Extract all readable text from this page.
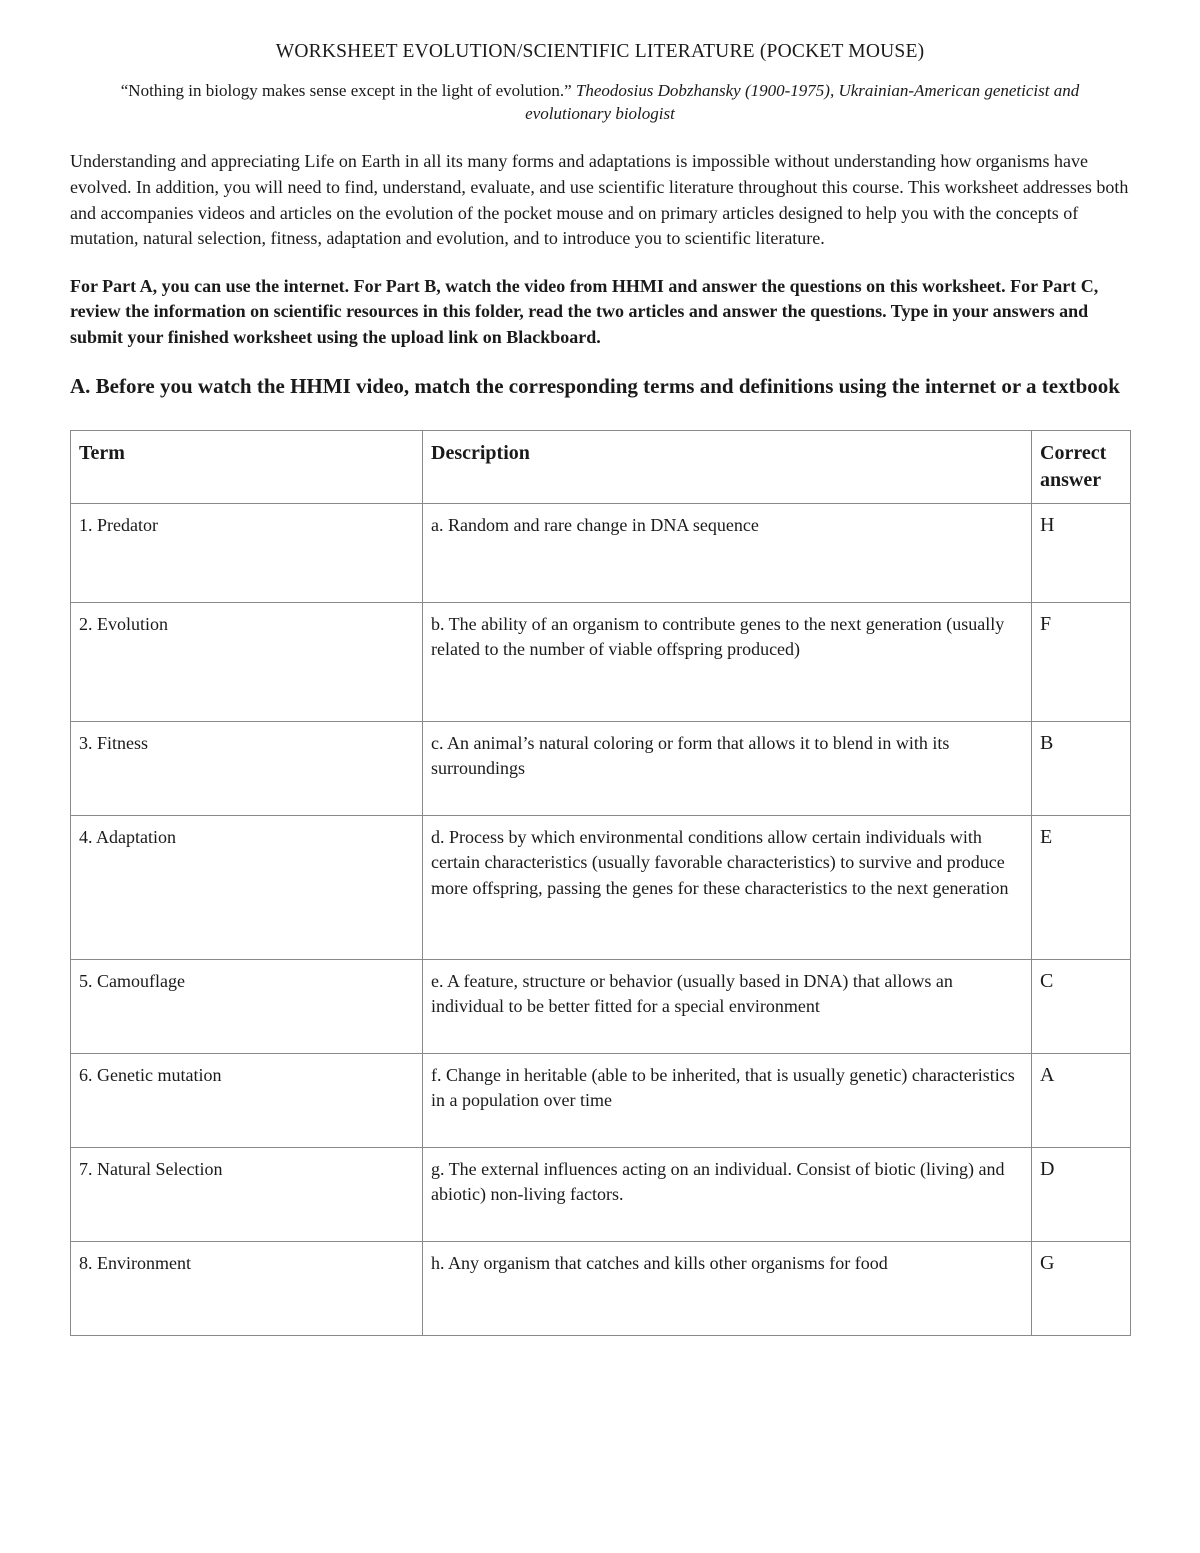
WORKSHEET EVOLUTION/SCIENTIFIC LITERATURE (POCKET MOUSE)
“Nothing in biology makes sense except in the light of evolution.” Theodosius Dobzhansky (1900-1975), Ukrainian-American geneticist and evolutionary biologist

Understanding and appreciating Life on Earth in all its many forms and adaptations is impossible without understanding how organisms have evolved. In addition, you will need to find, understand, evaluate, and use scientific literature throughout this course. This worksheet addresses both and accompanies videos and articles on the evolution of the pocket mouse and on primary articles designed to help you with the concepts of mutation, natural selection, fitness, adaptation and evolution, and to introduce you to scientific literature.

For Part A, you can use the internet. For Part B, watch the video from HHMI and answer the questions on this worksheet. For Part C, review the information on scientific resources in this folder, read the two articles and answer the questions. Type in your answers and submit your finished worksheet using the upload link on Blackboard.

A. Before you watch the HHMI video, match the corresponding terms and definitions using the internet or a textbook
Term	Description	Correct answer
1. Predator	a. Random and rare change in DNA sequence	H
2. Evolution	b. The ability of an organism to contribute genes to the next generation (usually related to the number of viable offspring produced)	F
3. Fitness	c. An animal’s natural coloring or form that allows it to blend in with its surroundings	B
4. Adaptation	d. Process by which environmental conditions allow certain individuals with certain characteristics (usually favorable characteristics) to survive and produce more offspring, passing the genes for these characteristics to the next generation	E
5. Camouflage	e. A feature, structure or behavior (usually based in DNA) that allows an individual to be better fitted for a special environment	C
6. Genetic mutation	f. Change in heritable (able to be inherited, that is usually genetic) characteristics in a population over time	A
7. Natural Selection	g. The external influences acting on an individual. Consist of biotic (living) and abiotic) non-living factors.	D
8. Environment	h. Any organism that catches and kills other organisms for food	G
